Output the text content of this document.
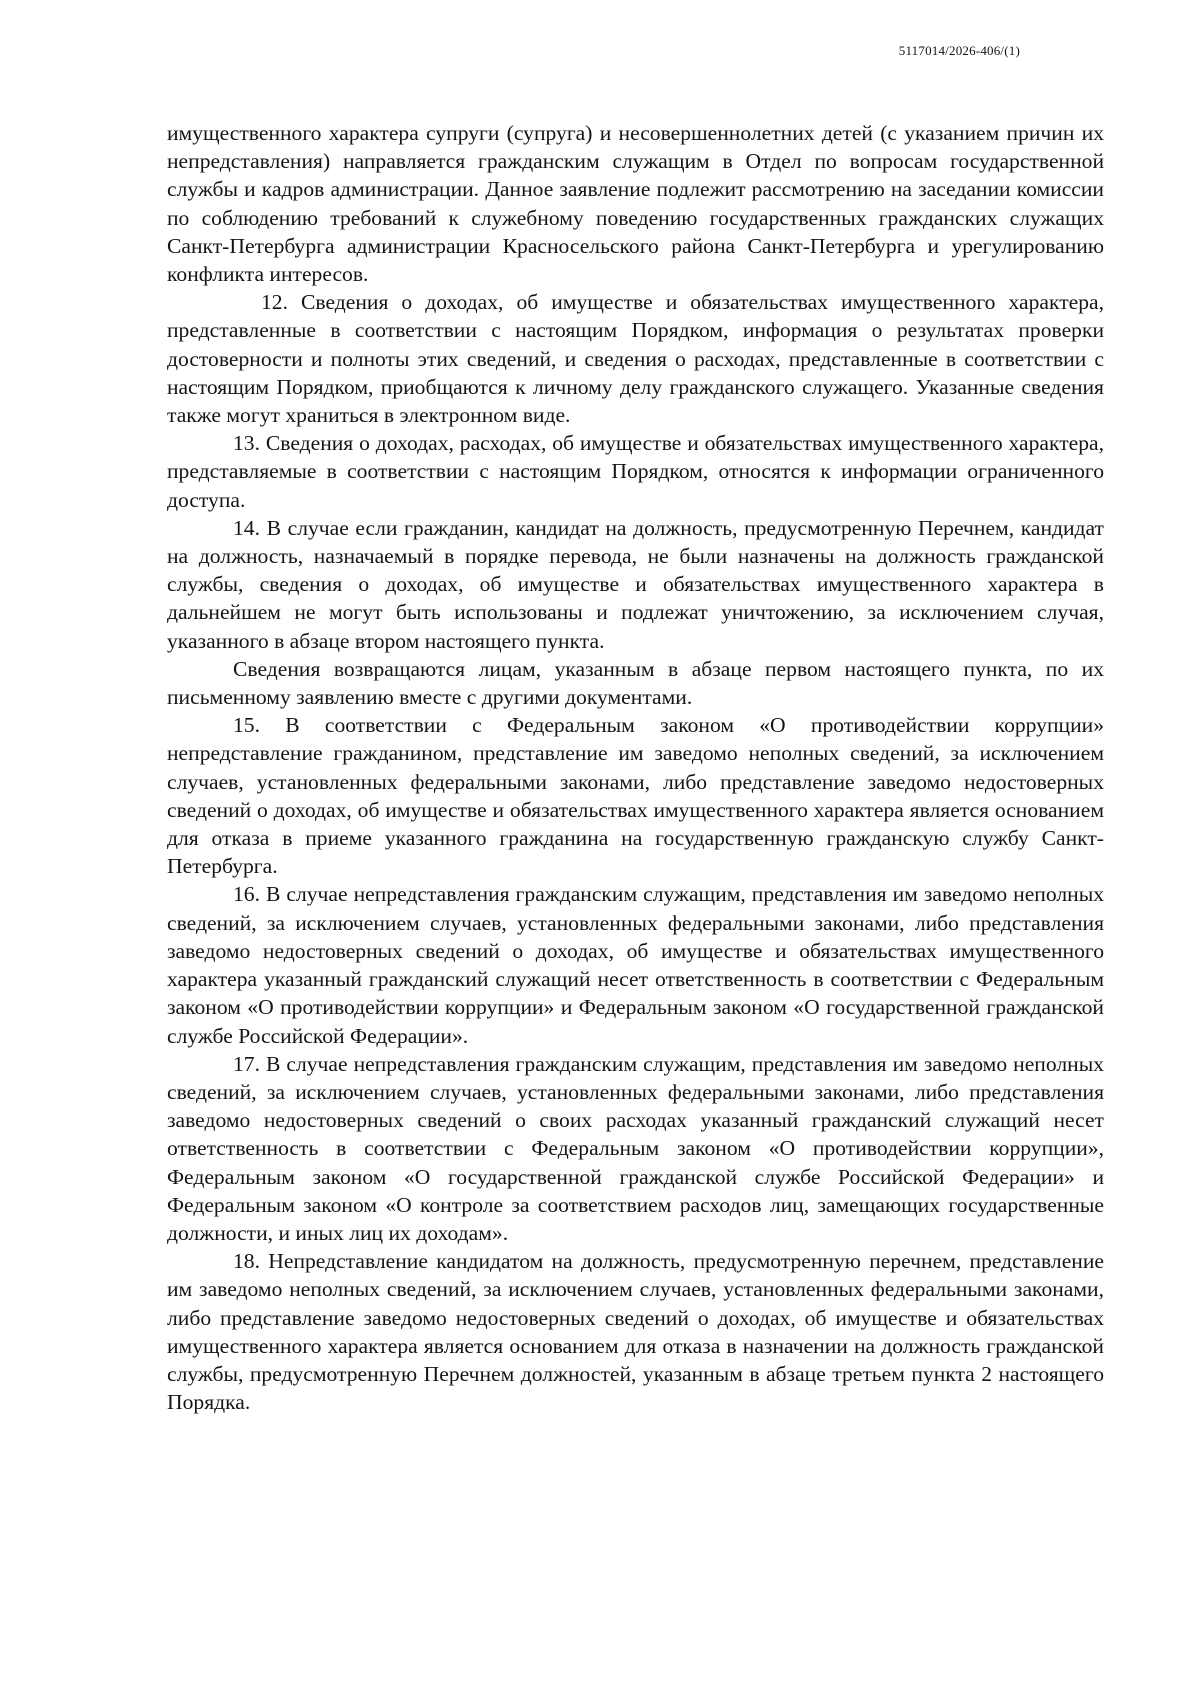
5117014/2026-406/(1)

имущественного характера супруги (супруга) и несовершеннолетних детей (с указанием причин их непредставления) направляется гражданским служащим в Отдел по вопросам государственной службы и кадров администрации. Данное заявление подлежит рассмотрению на заседании комиссии по соблюдению требований к служебному поведению государственных гражданских служащих Санкт-Петербурга администрации Красносельского района Санкт-Петербурга и урегулированию конфликта интересов.

12. Сведения о доходах, об имуществе и обязательствах имущественного характера, представленные в соответствии с настоящим Порядком, информация о результатах проверки достоверности и полноты этих сведений, и сведения о расходах, представленные в соответствии с настоящим Порядком, приобщаются к личному делу гражданского служащего. Указанные сведения также могут храниться в электронном виде.

13. Сведения о доходах, расходах, об имуществе и обязательствах имущественного характера, представляемые в соответствии с настоящим Порядком, относятся к информации ограниченного доступа.

14. В случае если гражданин, кандидат на должность, предусмотренную Перечнем, кандидат на должность, назначаемый в порядке перевода, не были назначены на должность гражданской службы, сведения о доходах, об имуществе и обязательствах имущественного характера в дальнейшем не могут быть использованы и подлежат уничтожению, за исключением случая, указанного в абзаце втором настоящего пункта.

Сведения возвращаются лицам, указанным в абзаце первом настоящего пункта, по их письменному заявлению вместе с другими документами.

15. В соответствии с Федеральным законом «О противодействии коррупции» непредставление гражданином, представление им заведомо неполных сведений, за исключением случаев, установленных федеральными законами, либо представление заведомо недостоверных сведений о доходах, об имуществе и обязательствах имущественного характера является основанием для отказа в приеме указанного гражданина на государственную гражданскую службу Санкт-Петербурга.

16. В случае непредставления гражданским служащим, представления им заведомо неполных сведений, за исключением случаев, установленных федеральными законами, либо представления заведомо недостоверных сведений о доходах, об имуществе и обязательствах имущественного характера указанный гражданский служащий несет ответственность в соответствии с Федеральным законом «О противодействии коррупции» и Федеральным законом «О государственной гражданской службе Российской Федерации».

17. В случае непредставления гражданским служащим, представления им заведомо неполных сведений, за исключением случаев, установленных федеральными законами, либо представления заведомо недостоверных сведений о своих расходах указанный гражданский служащий несет ответственность в соответствии с Федеральным законом «О противодействии коррупции», Федеральным законом «О государственной гражданской службе Российской Федерации» и Федеральным законом «О контроле за соответствием расходов лиц, замещающих государственные должности, и иных лиц их доходам».

18. Непредставление кандидатом на должность, предусмотренную перечнем, представление им заведомо неполных сведений, за исключением случаев, установленных федеральными законами, либо представление заведомо недостоверных сведений о доходах, об имуществе и обязательствах имущественного характера является основанием для отказа в назначении на должность гражданской службы, предусмотренную Перечнем должностей, указанным в абзаце третьем пункта 2 настоящего Порядка.
